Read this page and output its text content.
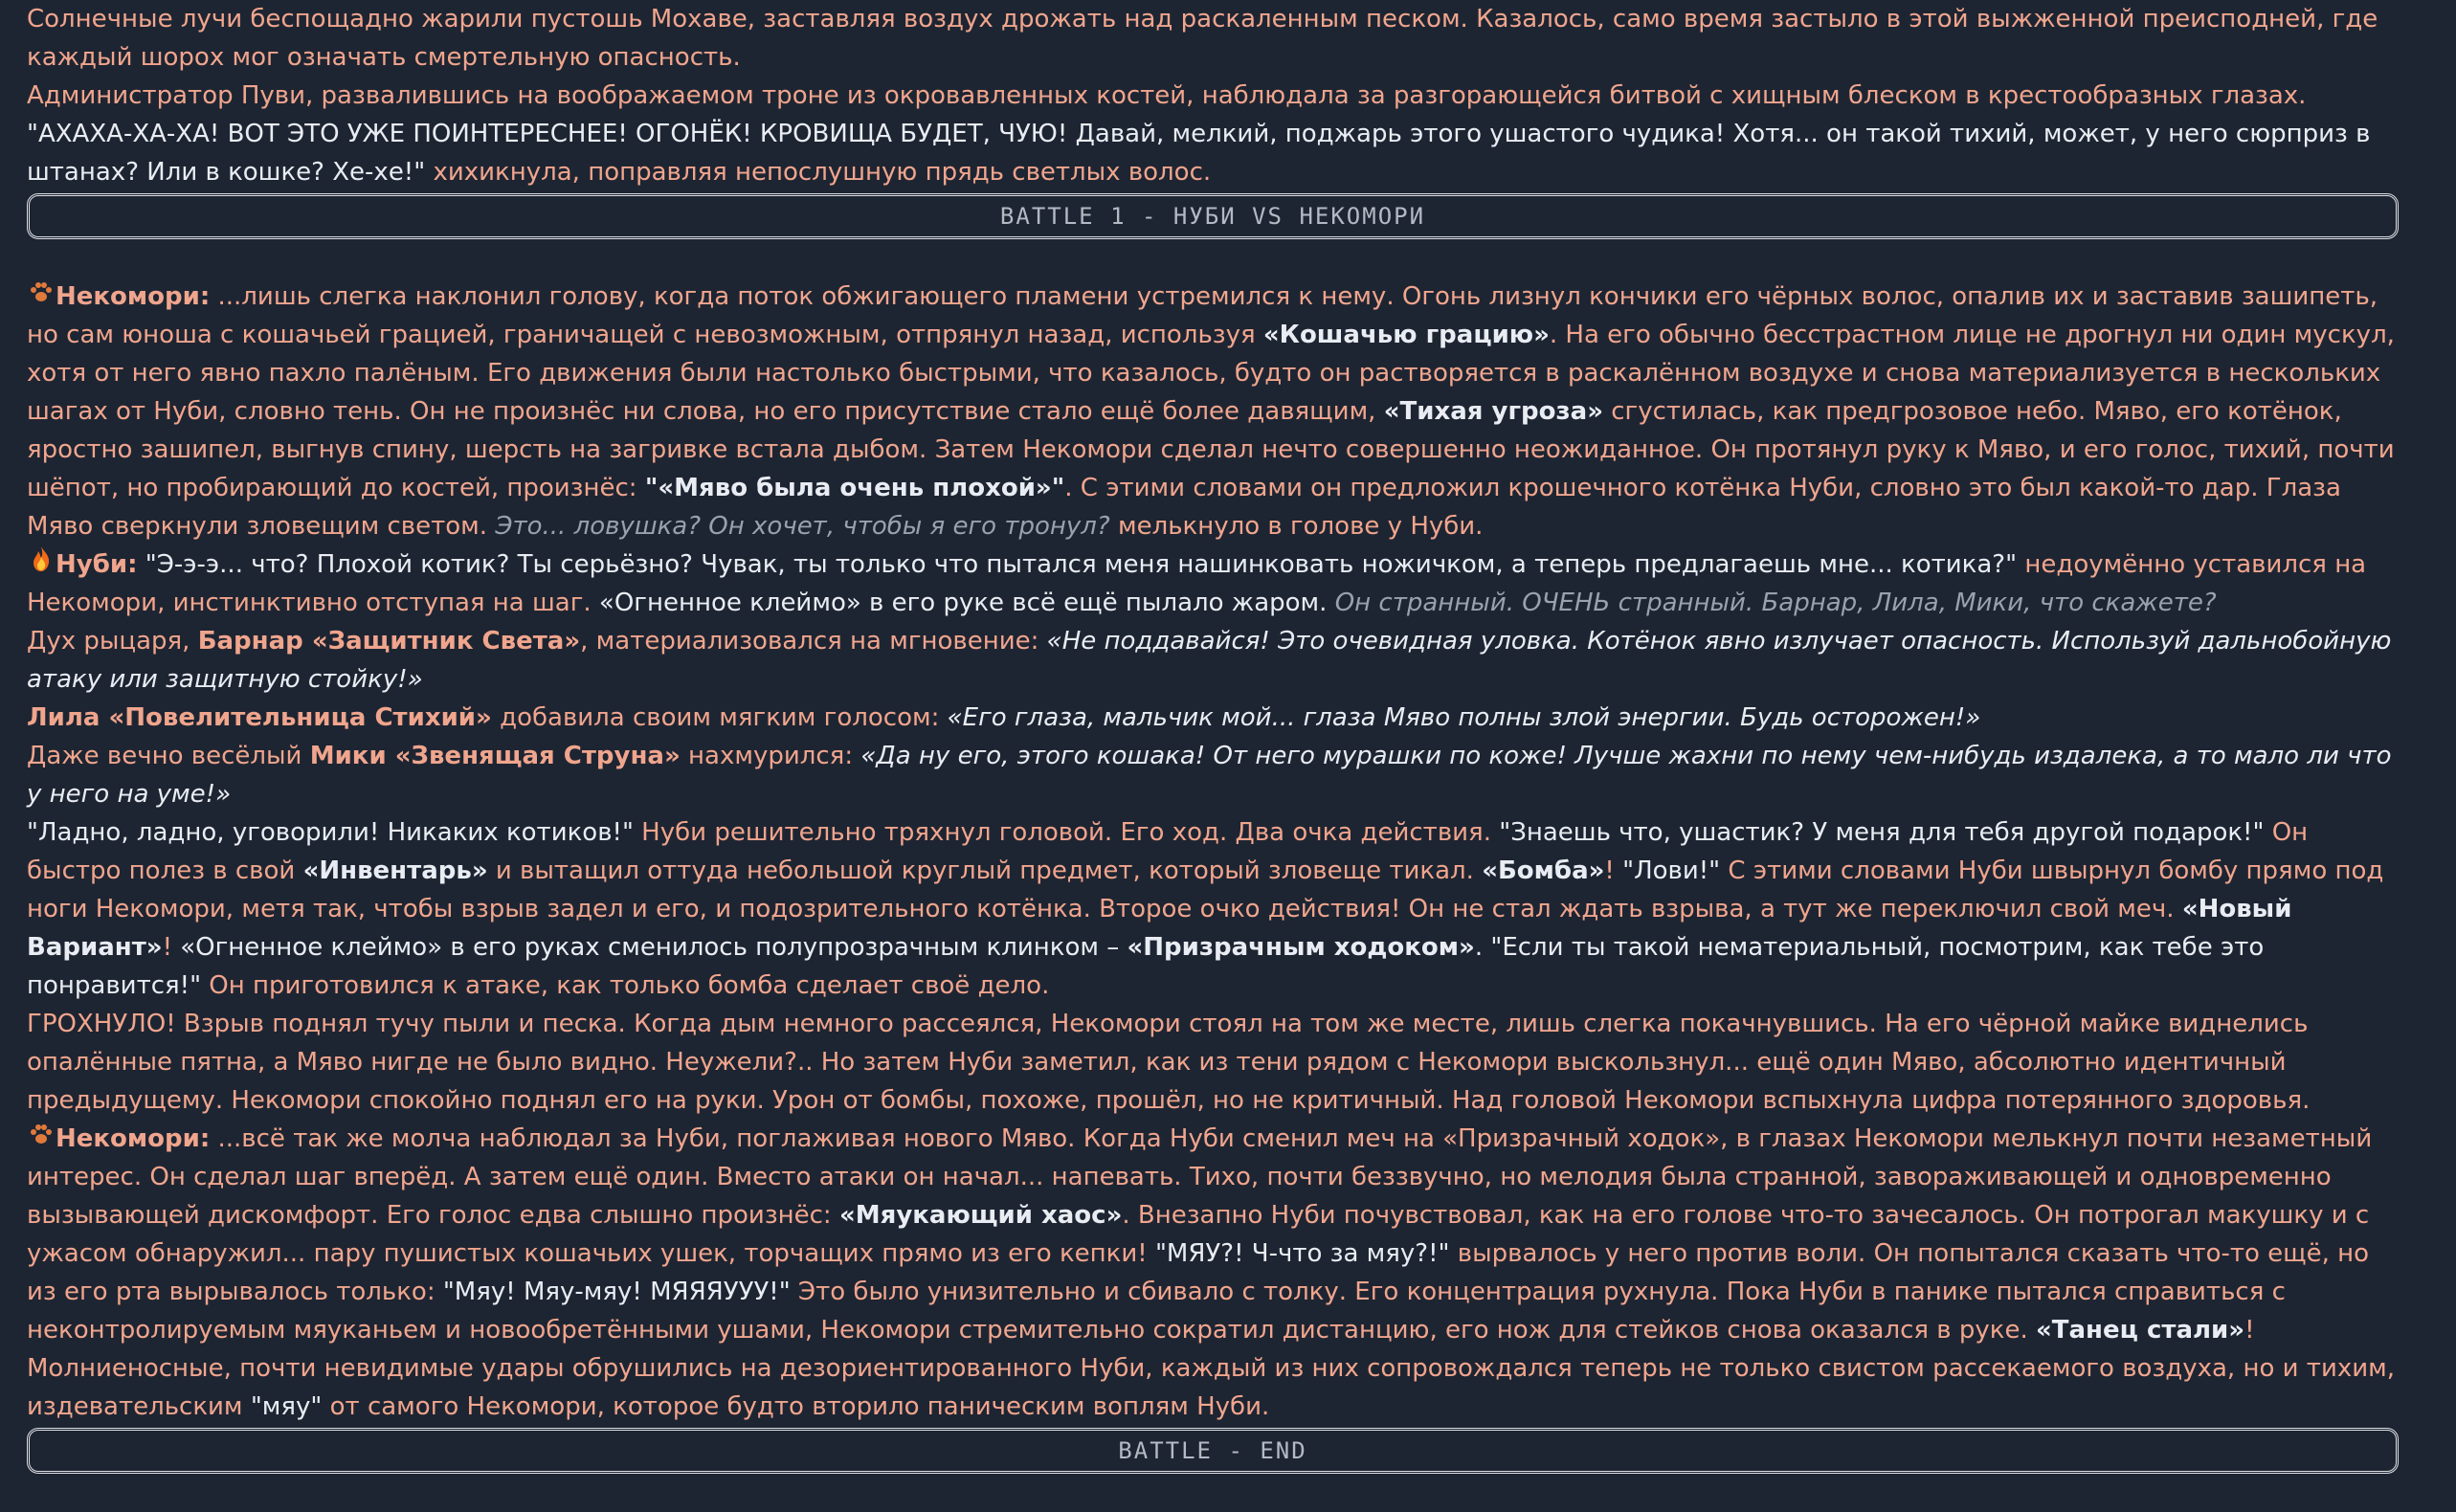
Солнечные лучи беспощадно жарили пустошь Мохаве, заставляя воздух дрожать над раскаленным песком. Казалось, само время застыло в этой выжженной преисподней, где каждый шорох мог означать смертельную опасность.

Администратор Пуви, развалившись на воображаемом троне из окровавленных костей, наблюдала за разгорающейся битвой с хищным блеском в крестообразных глазах. "АХАХА-ХА-ХА! ВОТ ЭТО УЖЕ ПОИНТЕРЕСНЕЕ! ОГОНЁК! КРОВИЩА БУДЕТ, ЧУЮ! Давай, мелкий, поджарь этого ушастого чудика! Хотя... он такой тихий, может, у него сюрприз в штанах? Или в кошке? Хе-хе!" хихикнула, поправляя непослушную прядь светлых волос.

BATTLE 1 - НУБИ VS НЕКОМОРИ

Некомори: ...лишь слегка наклонил голову, когда поток обжигающего пламени устремился к нему. Огонь лизнул кончики его чёрных волос, опалив их и заставив зашипеть, но сам юноша с кошачьей грацией, граничащей с невозможным, отпрянул назад, используя «Кошачью грацию». На его обычно бесстрастном лице не дрогнул ни один мускул, хотя от него явно пахло палёным. Его движения были настолько быстрыми, что казалось, будто он растворяется в раскалённом воздухе и снова материализуется в нескольких шагах от Нуби, словно тень. Он не произнёс ни слова, но его присутствие стало ещё более давящим, «Тихая угроза» сгустилась, как предгрозовое небо. Мяво, его котёнок, яростно зашипел, выгнув спину, шерсть на загривке встала дыбом. Затем Некомори сделал нечто совершенно неожиданное. Он протянул руку к Мяво, и его голос, тихий, почти шёпот, но пробирающий до костей, произнёс: "«Мяво была очень плохой»". С этими словами он предложил крошечного котёнка Нуби, словно это был какой-то дар. Глаза Мяво сверкнули зловещим светом. Это... ловушка? Он хочет, чтобы я его тронул? мелькнуло в голове у Нуби.

Нуби: "Э-э-э... что? Плохой котик? Ты серьёзно? Чувак, ты только что пытался меня нашинковать ножичком, а теперь предлагаешь мне... котика?" недоумённо уставился на Некомори, инстинктивно отступая на шаг. «Огненное клеймо» в его руке всё ещё пылало жаром. Он странный. ОЧЕНЬ странный. Барнар, Лила, Мики, что скажете?

Дух рыцаря, Барнар «Защитник Света», материализовался на мгновение: «Не поддавайся! Это очевидная уловка. Котёнок явно излучает опасность. Используй дальнобойную атаку или защитную стойку!»

Лила «Повелительница Стихий» добавила своим мягким голосом: «Его глаза, мальчик мой... глаза Мяво полны злой энергии. Будь осторожен!»

Даже вечно весёлый Мики «Звенящая Струна» нахмурился: «Да ну его, этого кошака! От него мурашки по коже! Лучше жахни по нему чем-нибудь издалека, а то мало ли что у него на уме!»

"Ладно, ладно, уговорили! Никаких котиков!" Нуби решительно тряхнул головой. Его ход. Два очка действия. "Знаешь что, ушастик? У меня для тебя другой подарок!" Он быстро полез в свой «Инвентарь» и вытащил оттуда небольшой круглый предмет, который зловеще тикал. «Бомба»! "Лови!" С этими словами Нуби швырнул бомбу прямо под ноги Некомори, метя так, чтобы взрыв задел и его, и подозрительного котёнка. Второе очко действия! Он не стал ждать взрыва, а тут же переключил свой меч. «Новый Вариант»! «Огненное клеймо» в его руках сменилось полупрозрачным клинком – «Призрачным ходоком». "Если ты такой нематериальный, посмотрим, как тебе это понравится!" Он приготовился к атаке, как только бомба сделает своё дело.

ГРОХНУЛО! Взрыв поднял тучу пыли и песка. Когда дым немного рассеялся, Некомори стоял на том же месте, лишь слегка покачнувшись. На его чёрной майке виднелись опалённые пятна, а Мяво нигде не было видно. Неужели?.. Но затем Нуби заметил, как из тени рядом с Некомори выскользнул... ещё один Мяво, абсолютно идентичный предыдущему. Некомори спокойно поднял его на руки. Урон от бомбы, похоже, прошёл, но не критичный. Над головой Некомори вспыхнула цифра потерянного здоровья.

Некомори: ...всё так же молча наблюдал за Нуби, поглаживая нового Мяво. Когда Нуби сменил меч на «Призрачный ходок», в глазах Некомори мелькнул почти незаметный интерес. Он сделал шаг вперёд. А затем ещё один. Вместо атаки он начал... напевать. Тихо, почти беззвучно, но мелодия была странной, завораживающей и одновременно вызывающей дискомфорт. Его голос едва слышно произнёс: «Мяукающий хаос». Внезапно Нуби почувствовал, как на его голове что-то зачесалось. Он потрогал макушку и с ужасом обнаружил... пару пушистых кошачьих ушек, торчащих прямо из его кепки! "МЯУ?! Ч-что за мяу?!" вырвалось у него против воли. Он попытался сказать что-то ещё, но из его рта вырывалось только: "Мяу! Мяу-мяу! МЯЯЯУУУ!" Это было унизительно и сбивало с толку. Его концентрация рухнула. Пока Нуби в панике пытался справиться с неконтролируемым мяуканьем и новообретёнными ушами, Некомори стремительно сократил дистанцию, его нож для стейков снова оказался в руке. «Танец стали»! Молниеносные, почти невидимые удары обрушились на дезориентированного Нуби, каждый из них сопровождался теперь не только свистом рассекаемого воздуха, но и тихим, издевательским "мяу" от самого Некомори, которое будто вторило паническим воплям Нуби.

BATTLE - END
